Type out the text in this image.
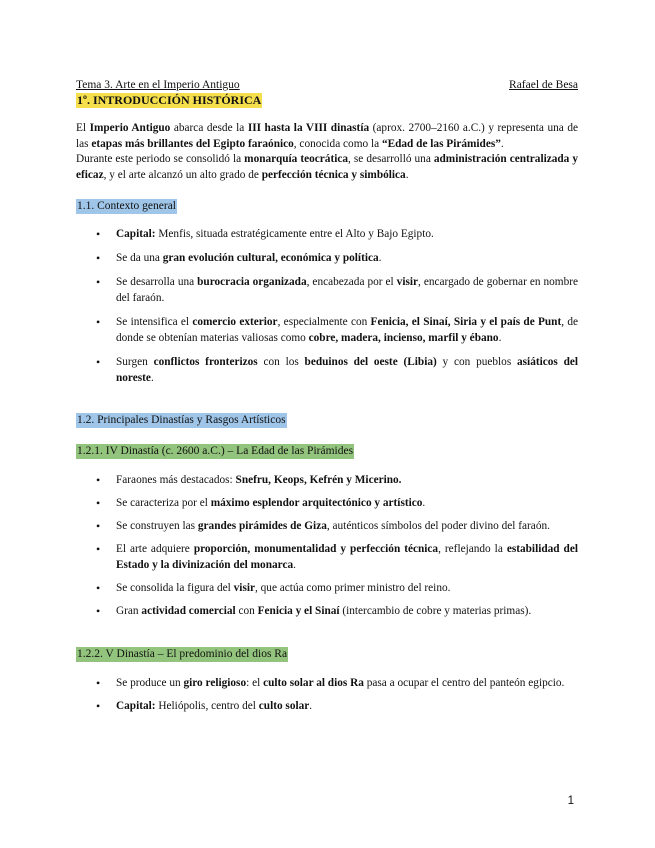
Tema 3. Arte en el Imperio Antiguo	Rafael de Besa
1º. INTRODUCCIÓN HISTÓRICA
El Imperio Antiguo abarca desde la III hasta la VIII dinastía (aprox. 2700–2160 a.C.) y representa una de las etapas más brillantes del Egipto faraónico, conocida como la “Edad de las Pirámides”.
Durante este periodo se consolidó la monarquía teocrática, se desarrolló una administración centralizada y eficaz, y el arte alcanzó un alto grado de perfección técnica y simbólica.
1.1. Contexto general
• Capital: Menfis, situada estratégicamente entre el Alto y Bajo Egipto.
• Se da una gran evolución cultural, económica y política.
• Se desarrolla una burocracia organizada, encabezada por el visir, encargado de gobernar en nombre del faraón.
• Se intensifica el comercio exterior, especialmente con Fenicia, el Sinaí, Siria y el país de Punt, de donde se obtenían materias valiosas como cobre, madera, incienso, marfil y ébano.
• Surgen conflictos fronterizos con los beduinos del oeste (Libia) y con pueblos asiáticos del noreste.
1.2. Principales Dinastías y Rasgos Artísticos
1.2.1. IV Dinastía (c. 2600 a.C.) – La Edad de las Pirámides
• Faraones más destacados: Snefru, Keops, Kefrén y Micerino.
• Se caracteriza por el máximo esplendor arquitectónico y artístico.
• Se construyen las grandes pirámides de Giza, auténticos símbolos del poder divino del faraón.
• El arte adquiere proporción, monumentalidad y perfección técnica, reflejando la estabilidad del Estado y la divinización del monarca.
• Se consolida la figura del visir, que actúa como primer ministro del reino.
• Gran actividad comercial con Fenicia y el Sinaí (intercambio de cobre y materias primas).
1.2.2. V Dinastía – El predominio del dios Ra
• Se produce un giro religioso: el culto solar al dios Ra pasa a ocupar el centro del panteón egipcio.
• Capital: Heliópolis, centro del culto solar.
1
